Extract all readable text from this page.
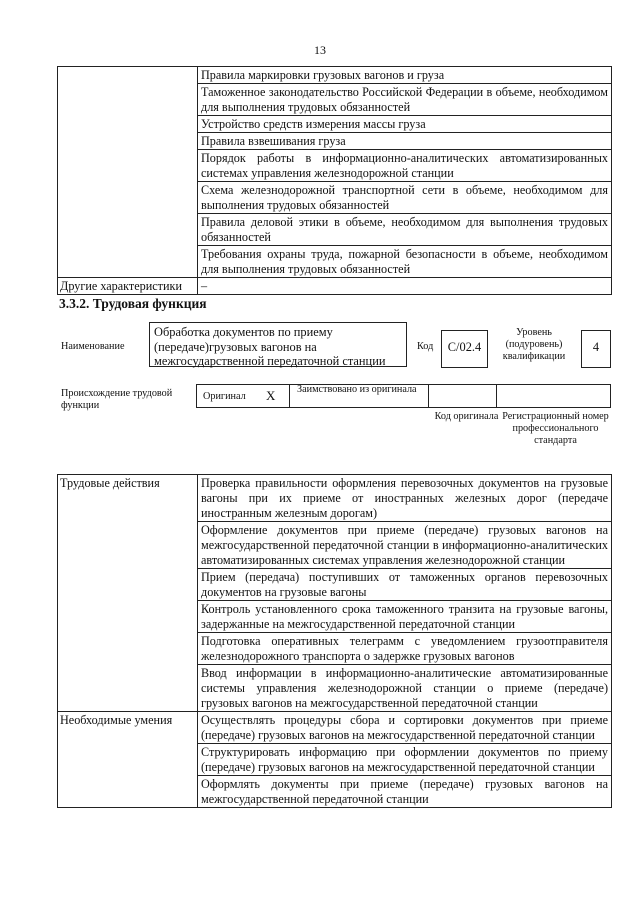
13
	Правила маркировки грузовых вагонов и груза
	Таможенное законодательство Российской Федерации в объеме, необходимом для выполнения трудовых обязанностей
	Устройство средств измерения массы груза
	Правила взвешивания груза
	Порядок работы в информационно-аналитических автоматизированных системах управления железнодорожной станции
	Схема железнодорожной транспортной сети в объеме, необходимом для выполнения трудовых обязанностей
	Правила деловой этики в объеме, необходимом для выполнения трудовых обязанностей
	Требования охраны труда, пожарной безопасности в объеме, необходимом для выполнения трудовых обязанностей
Другие характеристики	–
3.3.2. Трудовая функция
Наименование
Обработка документов по приему (передаче)грузовых вагонов на межгосударственной передаточной станции
Код	С/02.4
Уровень (подуровень) квалификации
4
Происхождение трудовой функции
Оригинал X Заимствовано из оригинала
Код оригинала Регистрационный номер профессионального стандарта
Трудовые действия	Проверка правильности оформления перевозочных документов на грузовые вагоны при их приеме от иностранных железных дорог (передаче иностранным железным дорогам)
	Оформление документов при приеме (передаче) грузовых вагонов на межгосударственной передаточной станции в информационно-аналитических автоматизированных системах управления железнодорожной станции
	Прием (передача) поступивших от таможенных органов перевозочных документов на грузовые вагоны
	Контроль установленного срока таможенного транзита на грузовые вагоны, задержанные на межгосударственной передаточной станции
	Подготовка оперативных телеграмм с уведомлением грузоотправителя железнодорожного транспорта о задержке грузовых вагонов
	Ввод информации в информационно-аналитические автоматизированные системы управления железнодорожной станции о приеме (передаче) грузовых вагонов на межгосударственной передаточной станции
Необходимые умения	Осуществлять процедуры сбора и сортировки документов при приеме (передаче) грузовых вагонов на межгосударственной передаточной станции
	Структурировать информацию при оформлении документов по приему (передаче) грузовых вагонов на межгосударственной передаточной станции
	Оформлять документы при приеме (передаче) грузовых вагонов на межгосударственной передаточной станции
